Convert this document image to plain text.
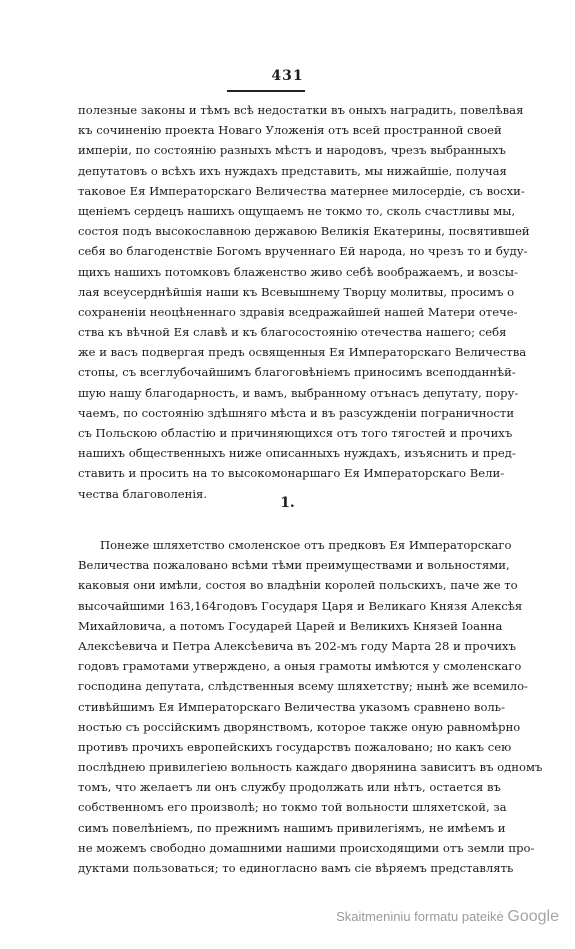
431
полезные законы и тѣмъ всѣ недостатки въ оныхъ наградить, повелѣвая
къ сочиненію проекта Новаго Уложенія отъ всей пространной своей
имперіи, по состоянію разныхъ мѣстъ и народовъ, чрезъ выбранныхъ
депутатовъ о всѣхъ ихъ нуждахъ представить, мы нижайшіе, получая
таковое Ея Императорскаго Величества матернее милосердіе, съ восхи-
щеніемъ сердецъ нашихъ ощущаемъ не токмо то, сколь счастливы мы,
состоя подъ высокославною державою Великія Екатерины, посвятившей
себя во благоденствіе Богомъ врученнаго Ей народа, но чрезъ то и буду-
щихъ нашихъ потомковъ блаженство живо себѣ воображаемъ, и возсы-
лая всеусерднѣйшія наши къ Всевышнему Творцу молитвы, просимъ о
сохраненіи неоцѣненнаго здравія вседражайшей нашей Матери отече-
ства къ вѣчной Ея славѣ и къ благосостоянію отечества нашего; себя
же и васъ подвергая предъ освященныя Ея Императорскаго Величества
стопы, съ всеглубочайшимъ благоговѣніемъ приносимъ всеподданнѣй-
шую нашу благодарность, и вамъ, выбранному отънасъ депутату, пору-
чаемъ, по состоянію здѣшняго мѣста и въ разсужденіи пограничности
съ Польскою областію и причиняющихся отъ того тягостей и прочихъ
нашихъ общественныхъ ниже описанныхъ нуждахъ, изъяснить и пред-
ставить и просить на то высокомонаршаго Ея Императорскаго Вели-
чества благоволенія.
1.
Понеже шляхетство смоленское отъ предковъ Ея Императорскаго
Величества пожаловано всѣми тѣми преимуществами и вольностями,
каковыя они имѣли, состоя во владѣніи королей польскихъ, паче же то
высочайшими 163,164годовъ Государя Царя и Великаго Князя Алексѣя
Михайловича, а потомъ Государей Царей и Великихъ Князей Іоанна
Алексѣевича и Петра Алексѣевича въ 202-мъ году Марта 28 и прочихъ
годовъ грамотами утверждено, а оныя грамоты имѣются у смоленскаго
господина депутата, слѣдственныя всему шляхетству; нынѣ же всемило-
стивѣйшимъ Ея Императорскаго Величества указомъ сравнено воль-
ностью съ россійскимъ дворянствомъ, которое также оную равномѣрно
противъ прочихъ европейскихъ государствъ пожаловано; но какъ сею
послѣднею привилегіею вольность каждаго дворянина зависитъ въ одномъ
томъ, что желаетъ ли онъ службу продолжать или нѣтъ, остается въ
собственномъ его произволѣ; но токмо той вольности шляхетской, за
симъ повелѣніемъ, по прежнимъ нашимъ привилегіямъ, не имѣемъ и
не можемъ свободно домашними нашими происходящими отъ земли про-
дуктами пользоваться; то единогласно вамъ сіе вѣряемъ представлять
Skaitmeniniu formatu pateikė Google
